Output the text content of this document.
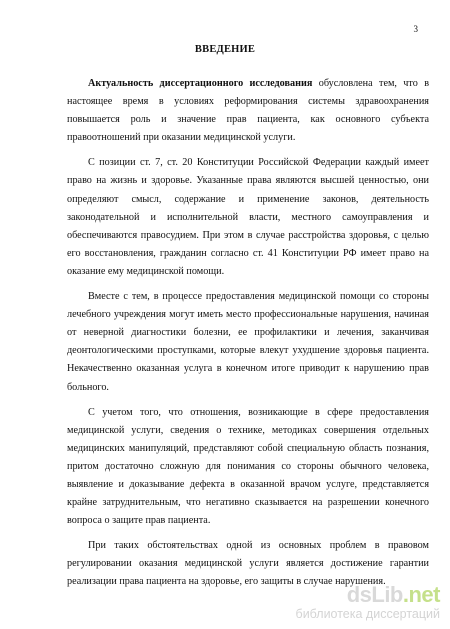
3
ВВЕДЕНИЕ

Актуальность диссертационного исследования обусловлена тем, что в настоящее время в условиях реформирования системы здравоохранения повышается роль и значение прав пациента, как основного субъекта правоотношений при оказании медицинской услуги.

С позиции ст. 7, ст. 20 Конституции Российской Федерации каждый имеет право на жизнь и здоровье. Указанные права являются высшей ценностью, они определяют смысл, содержание и применение законов, деятельность законодательной и исполнительной власти, местного самоуправления и обеспечиваются правосудием. При этом в случае расстройства здоровья, с целью его восстановления, гражданин согласно ст. 41 Конституции РФ имеет право на оказание ему медицинской помощи.

Вместе с тем, в процессе предоставления медицинской помощи со стороны лечебного учреждения могут иметь место профессиональные нарушения, начиная от неверной диагностики болезни, ее профилактики и лечения, заканчивая деонтологическими проступками, которые влекут ухудшение здоровья пациента. Некачественно оказанная услуга в конечном итоге приводит к нарушению прав больного.

С учетом того, что отношения, возникающие в сфере предоставления медицинской услуги, сведения о технике, методиках совершения отдельных медицинских манипуляций, представляют собой специальную область познания, притом достаточно сложную для понимания со стороны обычного человека, выявление и доказывание дефекта в оказанной врачом услуге, представляется крайне затруднительным, что негативно сказывается на разрешении конечного вопроса о защите прав пациента.

При таких обстоятельствах одной из основных проблем в правовом регулировании оказания медицинской услуги является достижение гарантии реализации права пациента на здоровье, его защиты в случае нарушения.

dsLib.net
библиотека диссертаций
